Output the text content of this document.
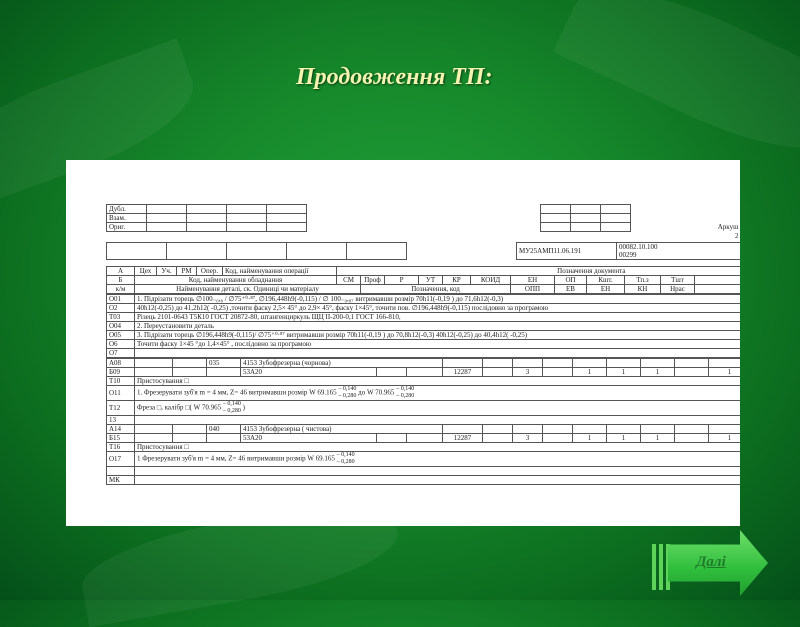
Продовження ТП:
Дубл.									
Взам.									
Ориг.									Аркуш
									2
						МУ25АМП11.06.191	00082.10.100
00299
А	Цех	Уч.	РМ	Опер.	Код, найменування операції					Позначення документа							
Б	Код, найменування обладнання					СМ	Проф	Р	УТ	КР	КОИД	ЕН	ОП	Кшт.	Тп.з	Тшт	
к/м	Найменування деталі, ск. Одиниці чи матеріалу						Позначення, код					ОПП	ЕВ	ЕН	КН	Нрас	
О01	1. Підрізати торець ∅100₋₀,₈ / ∅75⁺⁰·⁸⁷, ∅196,448h9(-0,115) / ∅ 100₋₀,₈₇ витримавши розмір 70h11(-0,19 ) до 71,6h12(-0,3)
О2	40h12(-0,25) до 41,2h12( -0,25) ,точити фаску 2,5× 45° до 2,9× 45°, фаску 1×45°, точити пов. ∅196,448h9(-0,115) послідовно за програмою
Т03	Різець 2101-0643 Т5К10 ГОСТ 20872-80, штангенциркуль ЩЦ ІІ-200-0,1 ГОСТ 166-810,
О04	2. Переустановити деталь
О05	3. Підрізати торець ∅196,448h9(-0,115)/ ∅75⁺⁰·⁸⁷ витримавши розмір 70h11(-0,19 ) до 70,8h12(-0,3) 40h12(-0,25) до 40,4h12( -0,25)
О6	Точити фаску 1×45 °до 1,4×45° , послідовно за програмою
О7	
А08			035	4153 Зубофрезерна (чорнова)											
Б09				53А20			12287		3		1	1	1		1
Т10	Пристосування □														
О11	1. Фрезерувати зуб'я m = 4 мм, Z= 46 витримавши розмір W 69.165 – 0,140
– 0,280 до W 70.965 – 0,140
– 0,280														
Т12	Фреза □, калібр □( W 70.965 – 0,140
– 0,280 )														
13															
А14			040	4153 Зубофрезерна ( чистова)											
Б15				53А20			12287		3		1	1	1		1
Т16	Пристосування □														
О17	1 Фрезерувати зуб'я m = 4 мм, Z= 46 витримавши розмір W 69.165 – 0,140
– 0,280														

МК															
Далі
